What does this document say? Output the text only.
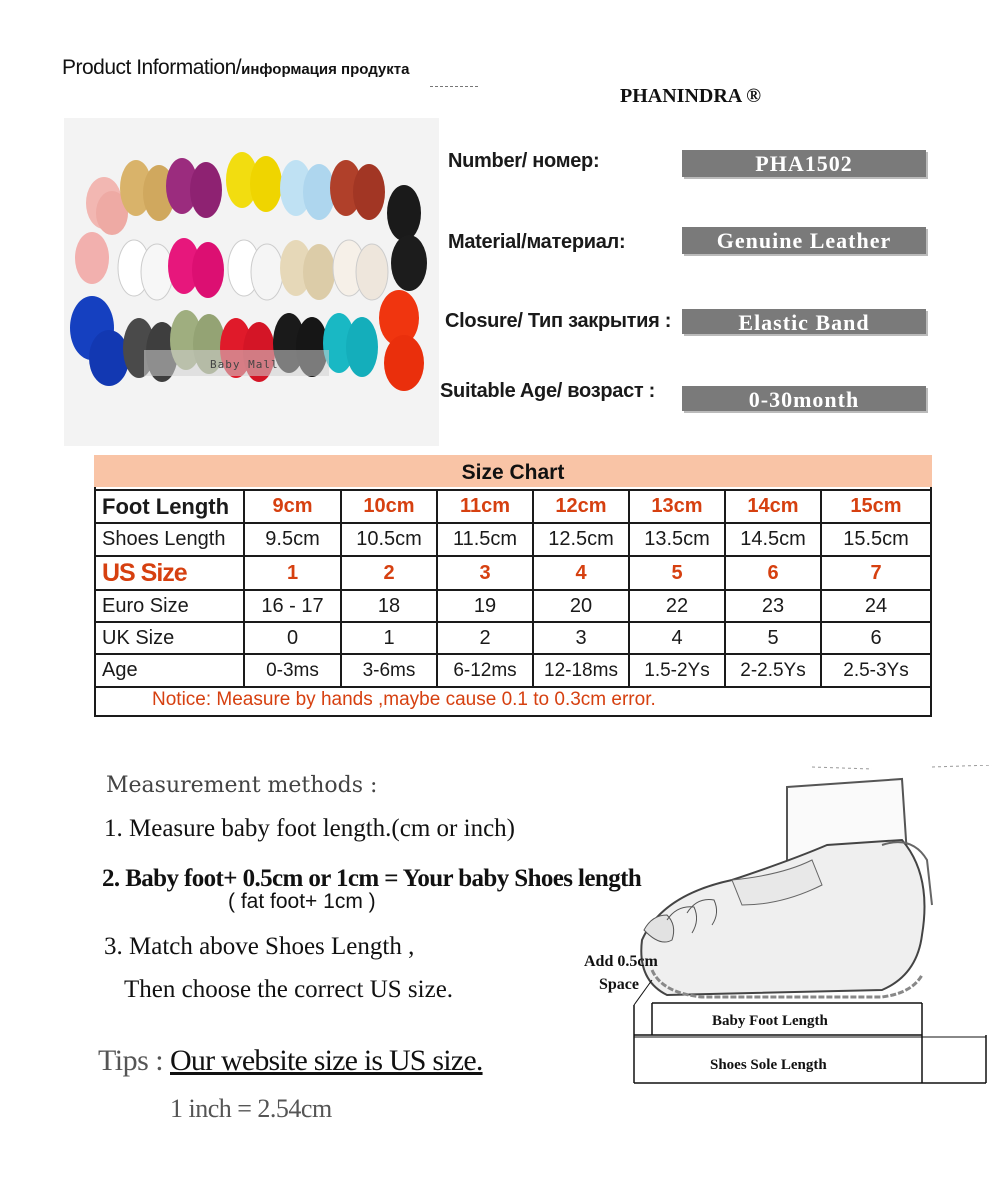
Product Information/информация продукта
PHANINDRA ®
Baby Mall
Number/ номер:	PHA1502
Material/материал:	Genuine Leather
Closure/ Тип закрытия :	Elastic Band
Suitable Age/ возраст :	0-30month
Size Chart
Foot Length	9cm	10cm	11cm	12cm	13cm	14cm	15cm
Shoes Length	9.5cm	10.5cm	11.5cm	12.5cm	13.5cm	14.5cm	15.5cm
US Size	1	2	3	4	5	6	7
Euro Size	16 - 17	18	19	20	22	23	24
UK Size	0	1	2	3	4	5	6
Age	0-3ms	3-6ms	6-12ms	12-18ms	1.5-2Ys	2-2.5Ys	2.5-3Ys
Notice: Measure by hands ,maybe cause 0.1 to 0.3cm error.
Measurement methods :
1. Measure baby foot length.(cm or inch)
2. Baby foot+ 0.5cm or 1cm = Your baby Shoes length
( fat foot+ 1cm )
3. Match above Shoes Length ,
Then choose the correct US size.
Tips : Our website size is US size.
1 inch = 2.54cm
Add 0.5cm
Space
Baby Foot Length
Shoes Sole Length
